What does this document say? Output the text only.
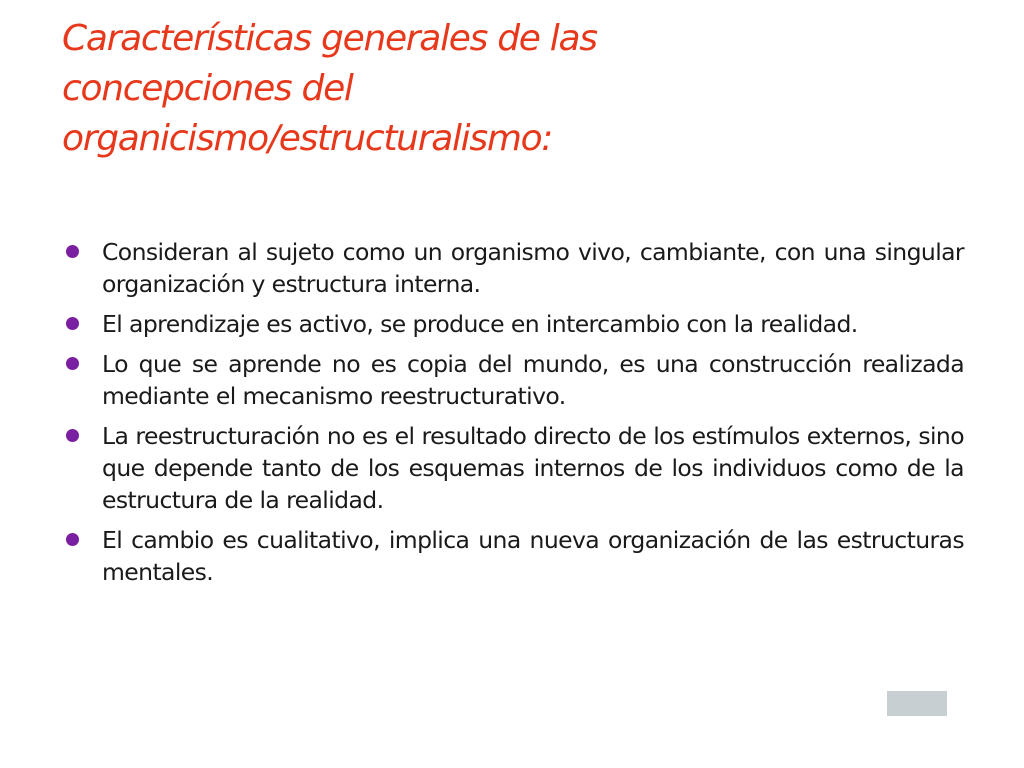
Características generales de las
concepciones del
organicismo/estructuralismo:
Consideran al sujeto como un organismo vivo, cambiante, con una singular organización y estructura interna.
El aprendizaje es activo, se produce en intercambio con la realidad.
Lo que se aprende no es copia del mundo, es una construcción realizada mediante el mecanismo reestructurativo.
La reestructuración no es el resultado directo de los estímulos externos, sino que depende tanto de los esquemas internos de los individuos como de la estructura de la realidad.
El cambio es cualitativo, implica una nueva organización de las estructuras mentales.
